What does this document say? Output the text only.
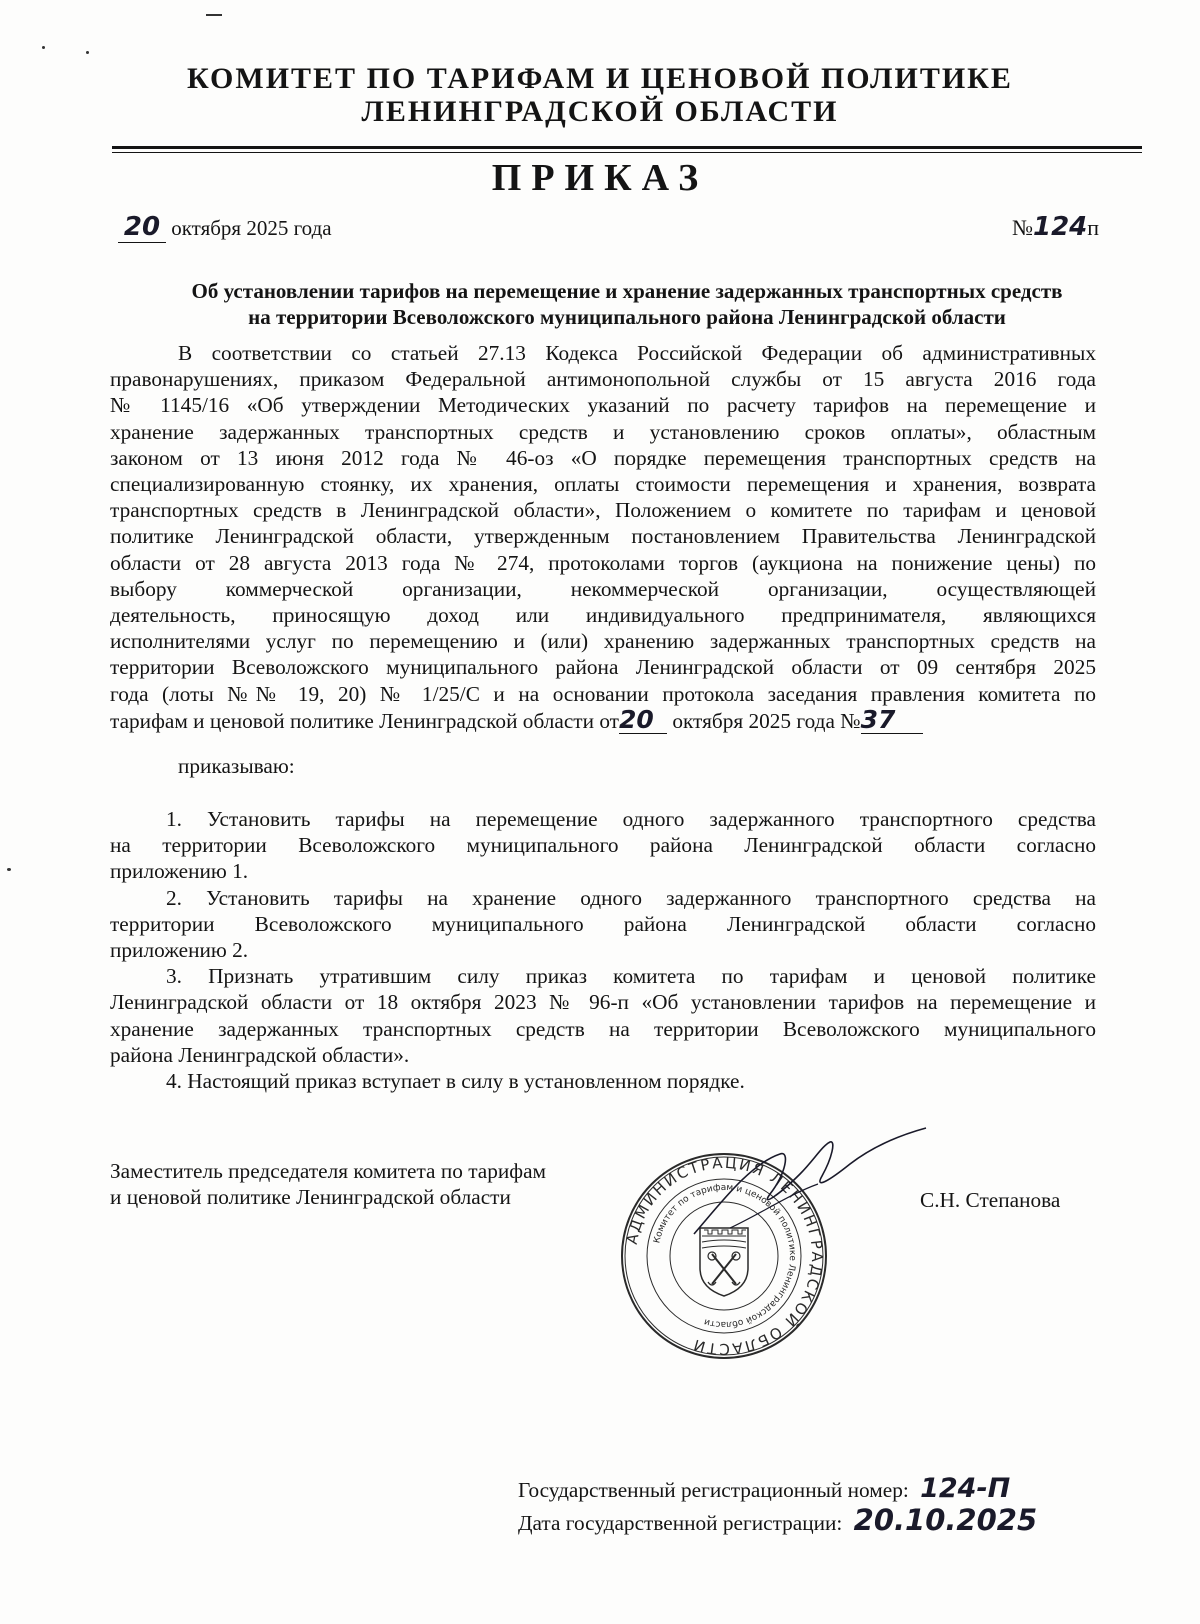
КОМИТЕТ ПО ТАРИФАМ И ЦЕНОВОЙ ПОЛИТИКЕ
ЛЕНИНГРАДСКОЙ ОБЛАСТИ
ПРИКАЗ
20 октября 2025 года	№124п
Об установлении тарифов на перемещение и хранение задержанных транспортных средств
на территории Всеволожского муниципального района Ленинградской области

В соответствии со статьей 27.13 Кодекса Российской Федерации об административных

правонарушениях, приказом Федеральной антимонопольной службы от 15 августа 2016 года

№ 1145/16 «Об утверждении Методических указаний по расчету тарифов на перемещение и

хранение задержанных транспортных средств и установлению сроков оплаты», областным

законом от 13 июня 2012 года № 46-оз «О порядке перемещения транспортных средств на

специализированную стоянку, их хранения, оплаты стоимости перемещения и хранения, возврата

транспортных средств в Ленинградской области», Положением о комитете по тарифам и ценовой

политике Ленинградской области, утвержденным постановлением Правительства Ленинградской

области от 28 августа 2013 года № 274, протоколами торгов (аукциона на понижение цены) по

выбору коммерческой организации, некоммерческой организации, осуществляющей

деятельность, приносящую доход или индивидуального предпринимателя, являющихся

исполнителями услуг по перемещению и (или) хранению задержанных транспортных средств на

территории Всеволожского муниципального района Ленинградской области от 09 сентября 2025

года (лоты №№ 19, 20) № 1/25/С и на основании протокола заседания правления комитета по

тарифам и ценовой политике Ленинградской области от20 октября 2025 года №37

приказываю:

1. Установить тарифы на перемещение одного задержанного транспортного средства

на территории Всеволожского муниципального района Ленинградской области согласно

приложению 1.

2. Установить тарифы на хранение одного задержанного транспортного средства на

территории Всеволожского муниципального района Ленинградской области согласно

приложению 2.

3. Признать утратившим силу приказ комитета по тарифам и ценовой политике

Ленинградской области от 18 октября 2023 № 96-п «Об установлении тарифов на перемещение и

хранение задержанных транспортных средств на территории Всеволожского муниципального

района Ленинградской области».

4. Настоящий приказ вступает в силу в установленном порядке.

Заместитель председателя комитета по тарифам
и ценовой политике Ленинградской области	С.Н. Степанова
АДМИНИСТРАЦИЯ ЛЕНИНГРАДСКОЙ ОБЛАСТИ
Комитет по тарифам и ценовой политике Ленинградской области
Государственный регистрационный номер: 124-П
Дата государственной регистрации: 20.10.2025
